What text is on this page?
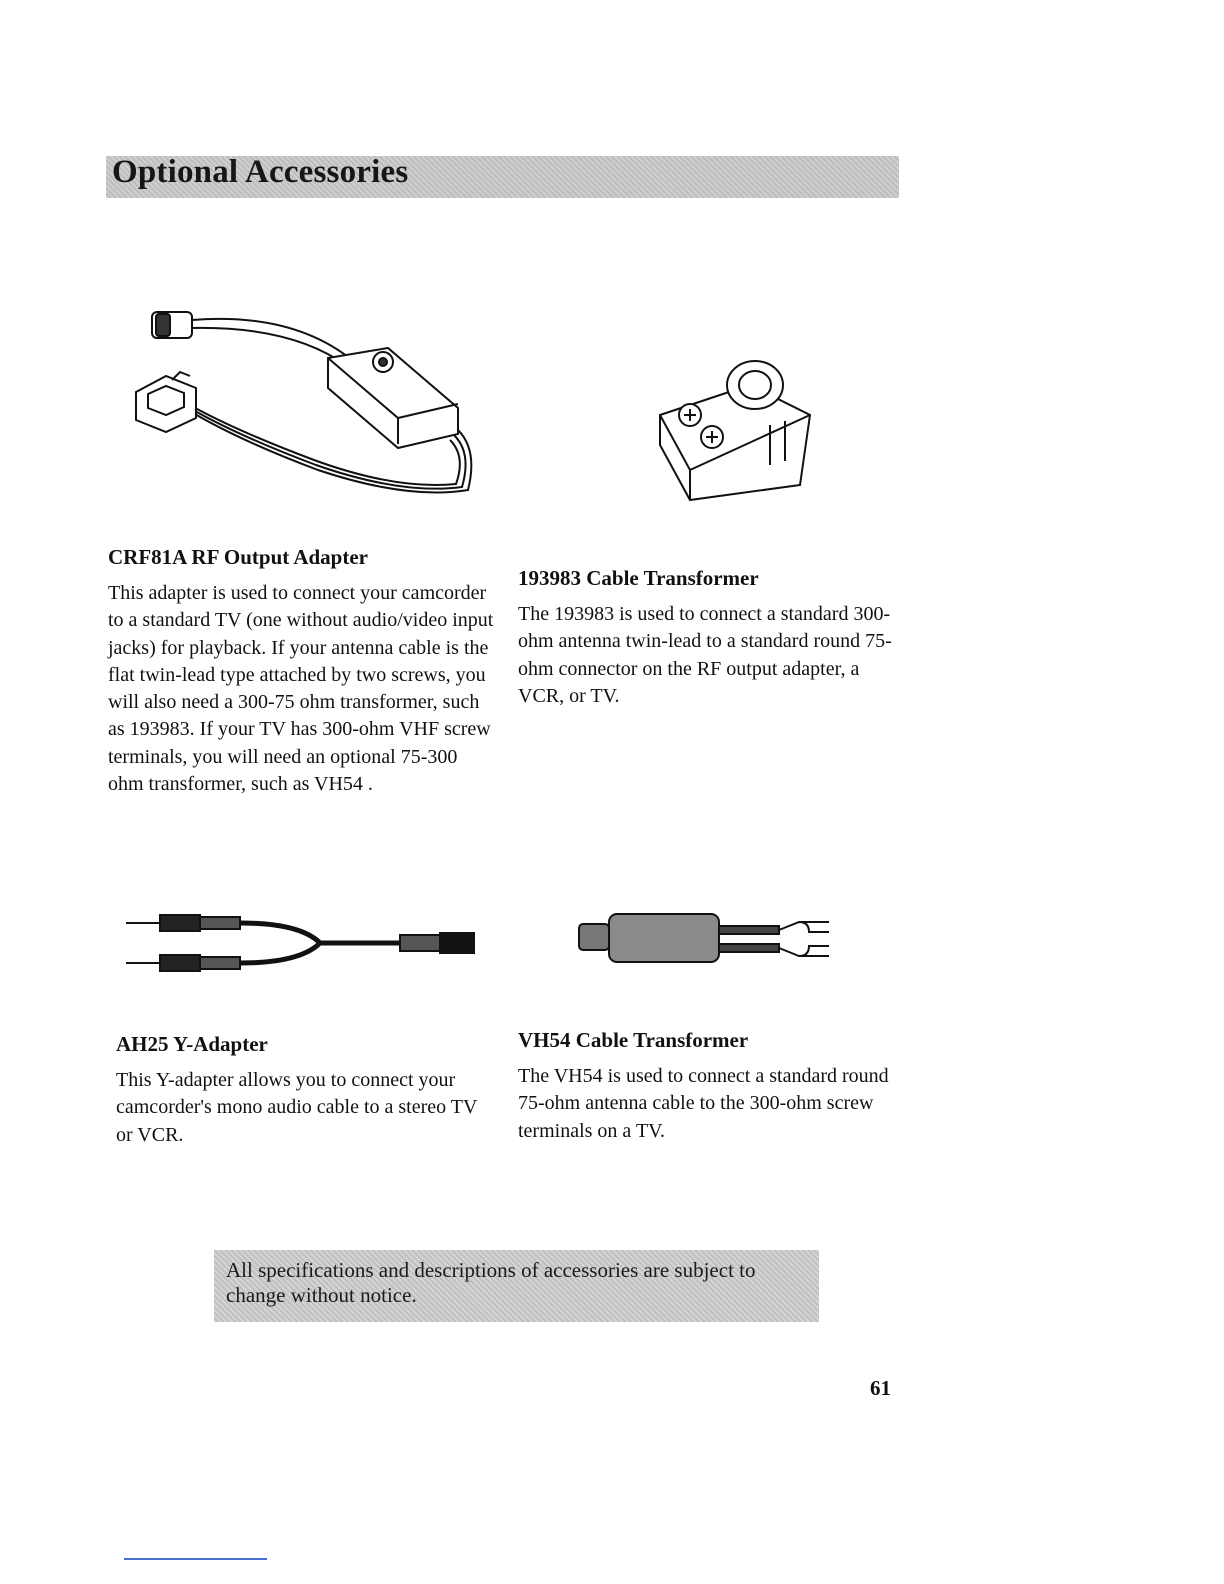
Optional Accessories
CRF81A RF Output Adapter

This adapter is used to connect your camcorder to a standard TV (one without audio/video input jacks) for playback. If your antenna cable is the flat twin-lead type attached by two screws, you will also need a 300-75 ohm transformer, such as 193983. If your TV has 300-ohm VHF screw terminals, you will need an optional 75-300 ohm transformer, such as VH54 .

193983 Cable Transformer

The 193983 is used to connect a standard 300-ohm antenna twin-lead to a standard round 75-ohm connector on the RF output adapter, a VCR, or TV.

AH25 Y-Adapter

This Y-adapter allows you to connect your camcorder's mono audio cable to a stereo TV or VCR.

VH54 Cable Transformer

The VH54 is used to connect a standard round 75-ohm antenna cable to the 300-ohm screw terminals on a TV.

All specifications and descriptions of accessories are subject to change without notice.
61
